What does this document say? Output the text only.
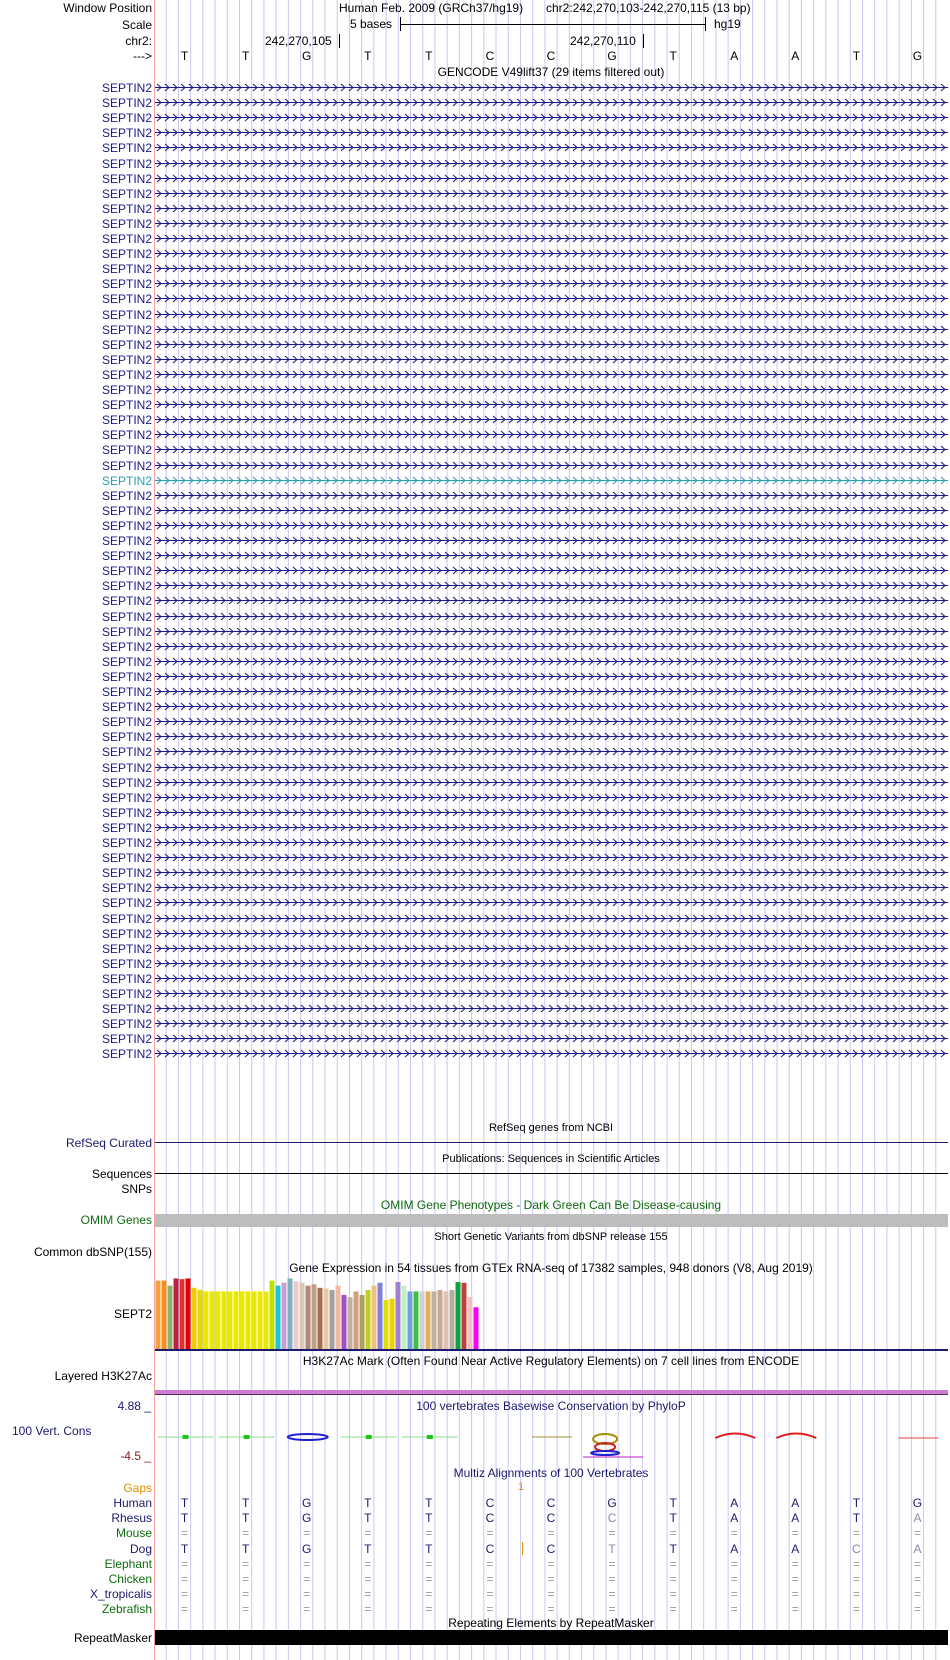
Window Position	Human Feb. 2009 (GRCh37/hg19) chr2:242,270,103-242,270,115 (13 bp)
Scale	5 bases	hg19
chr2:	242,270,105	242,270,110
--->	T	T	G	T	T	C	C	G	T	A	A	T	G
GENCODE V49lift37 (29 items filtered out)
SEPTIN2
SEPTIN2
SEPTIN2
SEPTIN2
SEPTIN2
SEPTIN2
SEPTIN2
SEPTIN2
SEPTIN2
SEPTIN2
SEPTIN2
SEPTIN2
SEPTIN2
SEPTIN2
SEPTIN2
SEPTIN2
SEPTIN2
SEPTIN2
SEPTIN2
SEPTIN2
SEPTIN2
SEPTIN2
SEPTIN2
SEPTIN2
SEPTIN2
SEPTIN2
SEPTIN2
SEPTIN2
SEPTIN2
SEPTIN2
SEPTIN2
SEPTIN2
SEPTIN2
SEPTIN2
SEPTIN2
SEPTIN2
SEPTIN2
SEPTIN2
SEPTIN2
SEPTIN2
SEPTIN2
SEPTIN2
SEPTIN2
SEPTIN2
SEPTIN2
SEPTIN2
SEPTIN2
SEPTIN2
SEPTIN2
SEPTIN2
SEPTIN2
SEPTIN2
SEPTIN2
SEPTIN2
SEPTIN2
SEPTIN2
SEPTIN2
SEPTIN2
SEPTIN2
SEPTIN2
SEPTIN2
SEPTIN2
SEPTIN2
SEPTIN2
SEPTIN2
RefSeq genes from NCBI
RefSeq Curated
Publications: Sequences in Scientific Articles
Sequences
SNPs
OMIM Gene Phenotypes - Dark Green Can Be Disease-causing
OMIM Genes
Short Genetic Variants from dbSNP release 155
Common dbSNP(155)
Gene Expression in 54 tissues from GTEx RNA-seq of 17382 samples, 948 donors (V8, Aug 2019)
SEPT2
H3K27Ac Mark (Often Found Near Active Regulatory Elements) on 7 cell lines from ENCODE
Layered H3K27Ac
100 vertebrates Basewise Conservation by PhyloP
4.88 _
100 Vert. Cons
-4.5 _
Multiz Alignments of 100 Vertebrates
Gaps	1
Human	T	T	G	T	T	C	C	G	T	A	A	T	G
Rhesus	T	T	G	T	T	C	C	C	T	A	A	T	A
Mouse	=	=	=	=	=	=	=	=	=	=	=	=	=
Dog	T	T	G	T	T	C	C	T	T	A	A	C	A
Elephant	=	=	=	=	=	=	=	=	=	=	=	=	=
Chicken	=	=	=	=	=	=	=	=	=	=	=	=	=
X_tropicalis	=	=	=	=	=	=	=	=	=	=	=	=	=
Zebrafish	=	=	=	=	=	=	=	=	=	=	=	=	=
Repeating Elements by RepeatMasker
RepeatMasker
